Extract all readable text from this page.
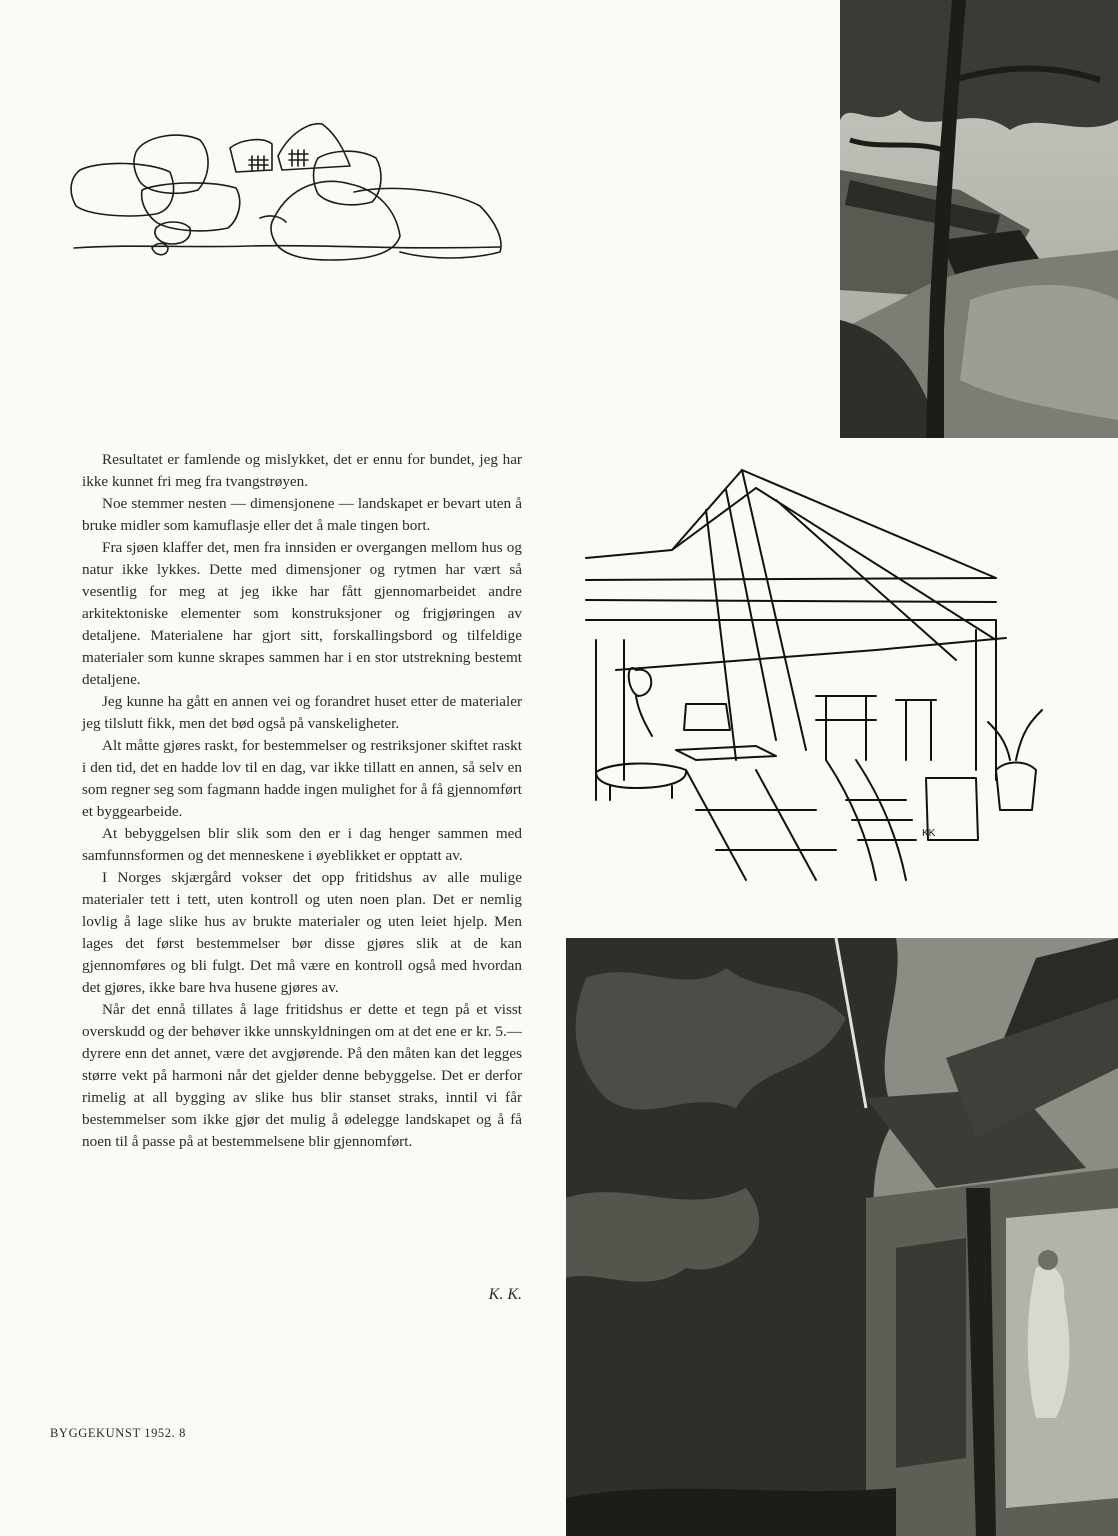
KK

Resultatet er famlende og mislykket, det er ennu for bundet, jeg har ikke kunnet fri meg fra tvangstrøyen.

Noe stemmer nesten — dimensjonene — landskapet er bevart uten å bruke midler som kamuflasje eller det å male tingen bort.

Fra sjøen klaffer det, men fra innsiden er overgangen mellom hus og natur ikke lykkes. Dette med dimensjoner og rytmen har vært så vesentlig for meg at jeg ikke har fått gjennomarbeidet andre arkitektoniske elementer som konstruksjoner og frigjøringen av detaljene. Materialene har gjort sitt, forskallingsbord og tilfeldige materialer som kunne skrapes sammen har i en stor utstrekning bestemt detaljene.

Jeg kunne ha gått en annen vei og forandret huset etter de materialer jeg tilslutt fikk, men det bød også på vanskeligheter.

Alt måtte gjøres raskt, for bestemmelser og restriksjoner skiftet raskt i den tid, det en hadde lov til en dag, var ikke tillatt en annen, så selv en som regner seg som fagmann hadde ingen mulighet for å få gjennomført et byggearbeide.

At bebyggelsen blir slik som den er i dag henger sammen med samfunnsformen og det menneskene i øyeblikket er opptatt av.

I Norges skjærgård vokser det opp fritidshus av alle mulige materialer tett i tett, uten kontroll og uten noen plan. Det er nemlig lovlig å lage slike hus av brukte materialer og uten leiet hjelp. Men lages det først bestemmelser bør disse gjøres slik at de kan gjennomføres og bli fulgt. Det må være en kontroll også med hvordan det gjøres, ikke bare hva husene gjøres av.

Når det ennå tillates å lage fritidshus er dette et tegn på et visst overskudd og der behøver ikke unnskyldningen om at det ene er kr. 5.— dyrere enn det annet, være det avgjørende. På den måten kan det legges større vekt på harmoni når det gjelder denne bebyggelse. Det er derfor rimelig at all bygging av slike hus blir stanset straks, inntil vi får bestemmelser som ikke gjør det mulig å ødelegge landskapet og å få noen til å passe på at bestemmelsene blir gjennomført.

K. K.
BYGGEKUNST 1952. 8
